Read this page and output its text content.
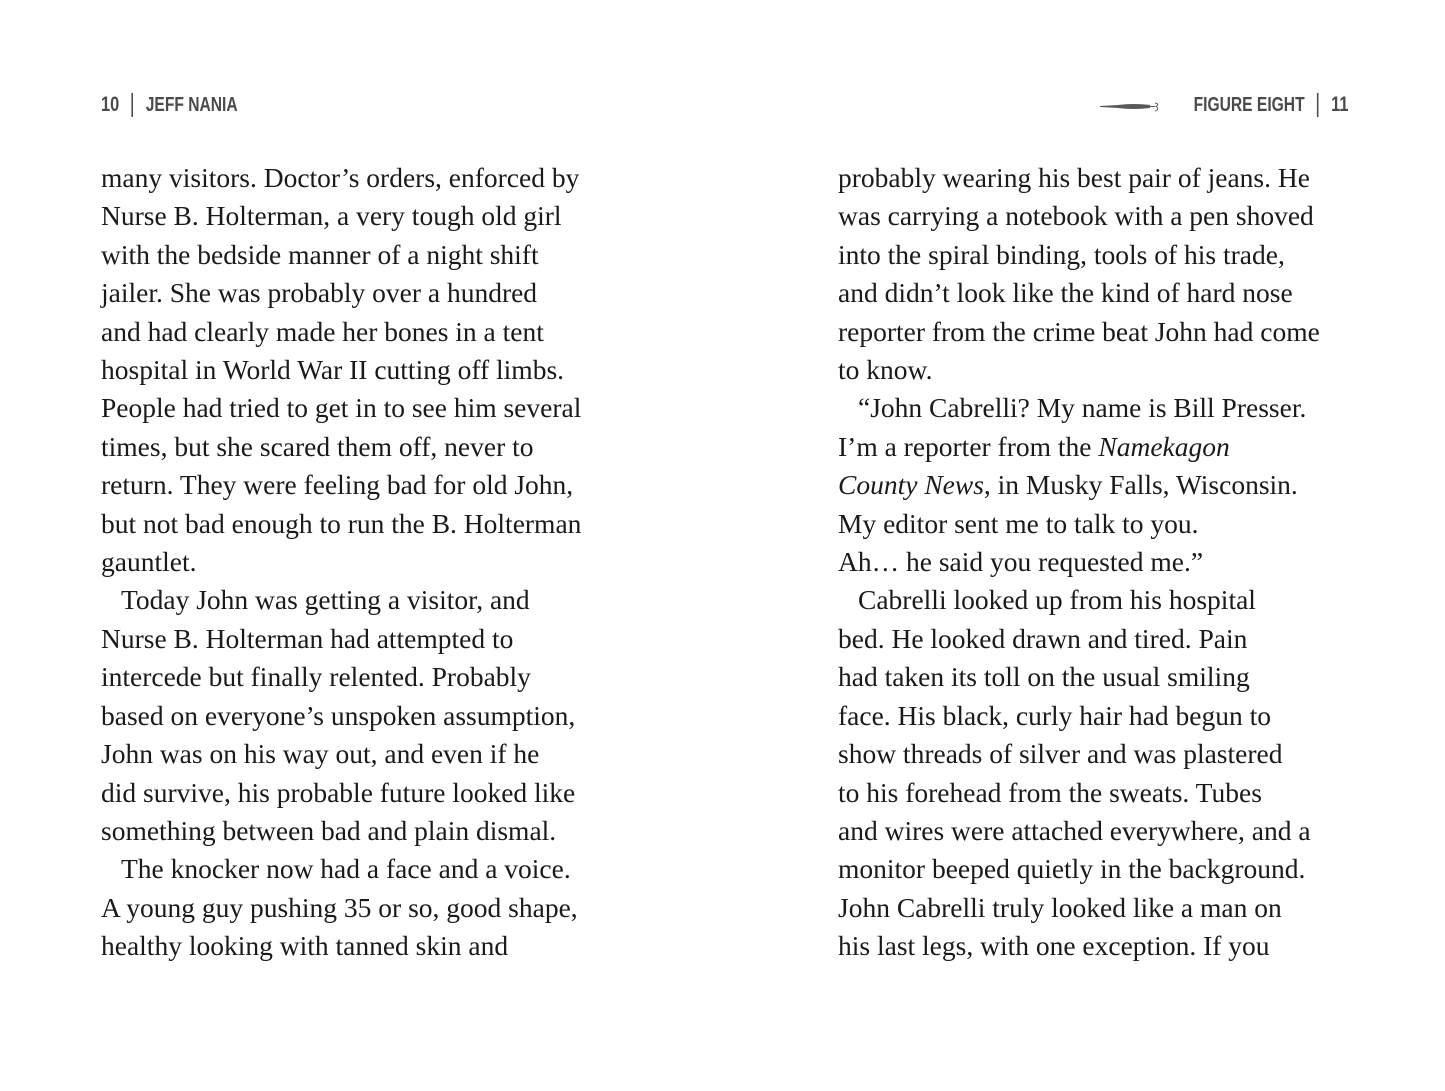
10 JEFF NANIA
many visitors. Doctor’s orders, enforced by
Nurse B. Holterman, a very tough old girl
with the bedside manner of a night shift
jailer. She was probably over a hundred
and had clearly made her bones in a tent
hospital in World War II cutting off limbs.
People had tried to get in to see him several
times, but she scared them off, never to
return. They were feeling bad for old John,
but not bad enough to run the B. Holterman
gauntlet.
Today John was getting a visitor, and
Nurse B. Holterman had attempted to
intercede but finally relented. Probably
based on everyone’s unspoken assumption,
John was on his way out, and even if he
did survive, his probable future looked like
something between bad and plain dismal.
The knocker now had a face and a voice.
A young guy pushing 35 or so, good shape,
healthy looking with tanned skin and
FIGURE EIGHT 11
probably wearing his best pair of jeans. He
was carrying a notebook with a pen shoved
into the spiral binding, tools of his trade,
and didn’t look like the kind of hard nose
reporter from the crime beat John had come
to know.
“John Cabrelli? My name is Bill Presser.
I’m a reporter from the Namekagon
County News, in Musky Falls, Wisconsin.
My editor sent me to talk to you.
Ah… he said you requested me.”
Cabrelli looked up from his hospital
bed. He looked drawn and tired. Pain
had taken its toll on the usual smiling
face. His black, curly hair had begun to
show threads of silver and was plastered
to his forehead from the sweats. Tubes
and wires were attached everywhere, and a
monitor beeped quietly in the background.
John Cabrelli truly looked like a man on
his last legs, with one exception. If you
